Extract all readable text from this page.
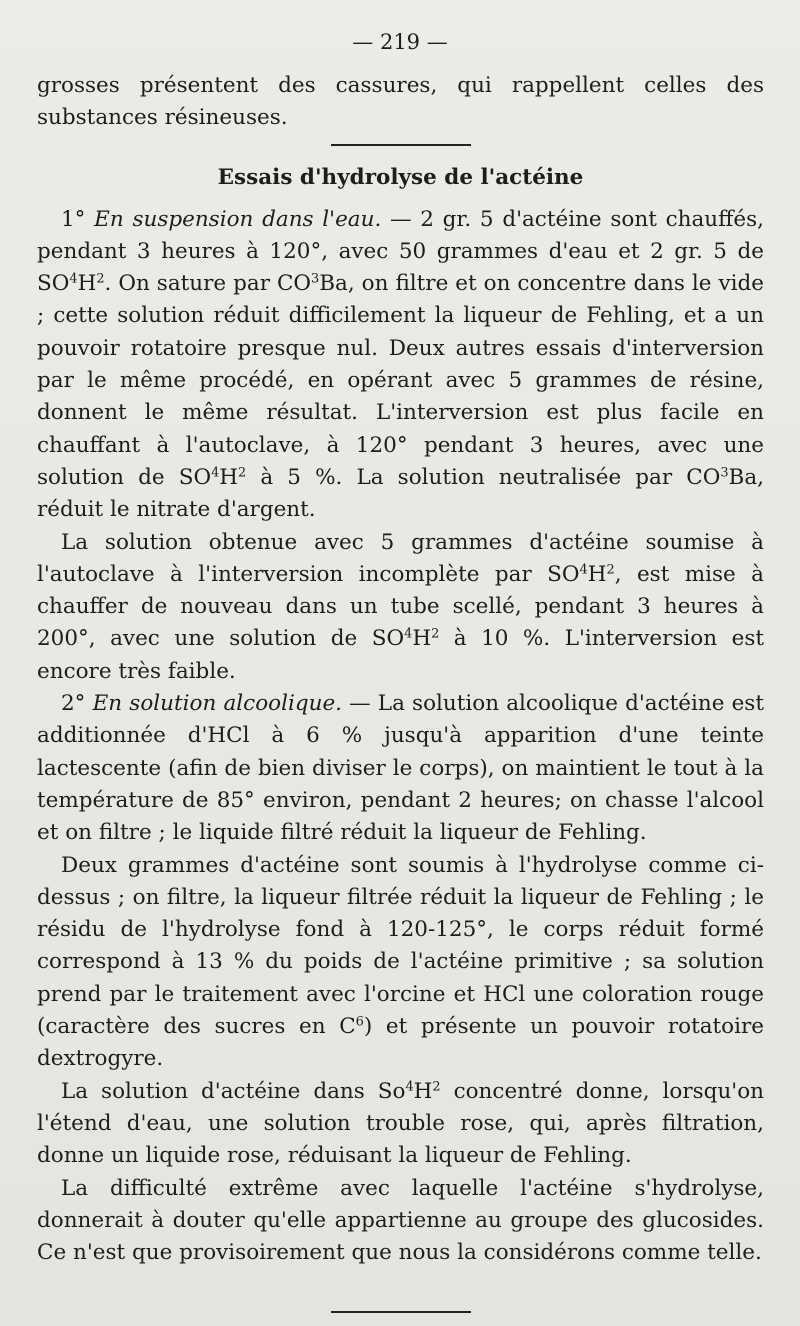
— 219 —

grosses présentent des cassures, qui rappellent celles des substances résineuses.

Essais d'hydrolyse de l'actéine

1° En suspension dans l'eau. — 2 gr. 5 d'actéine sont chauffés, pendant 3 heures à 120°, avec 50 grammes d'eau et 2 gr. 5 de $SO^4H^2$. On sature par $CO^3Ba$, on filtre et on concentre dans le vide ; cette solution réduit difficilement la liqueur de Fehling, et a un pouvoir rotatoire presque nul. Deux autres essais d'interversion par le même procédé, en opérant avec 5 grammes de résine, donnent le même résultat. L'interversion est plus facile en chauffant à l'autoclave, à 120° pendant 3 heures, avec une solution de $SO^4H^2$ à 5 %. La solution neutralisée par $CO^3Ba$, réduit le nitrate d'argent.

La solution obtenue avec 5 grammes d'actéine soumise à l'autoclave à l'interversion incomplète par $SO^4H^2$, est mise à chauffer de nouveau dans un tube scellé, pendant 3 heures à 200°, avec une solution de $SO^4H^2$ à 10 %. L'interversion est encore très faible.

2° En solution alcoolique. — La solution alcoolique d'actéine est additionnée d'HCl à 6 % jusqu'à apparition d'une teinte lactescente (afin de bien diviser le corps), on maintient le tout à la température de 85° environ, pendant 2 heures; on chasse l'alcool et on filtre ; le liquide filtré réduit la liqueur de Fehling.

Deux grammes d'actéine sont soumis à l'hydrolyse comme ci-dessus ; on filtre, la liqueur filtrée réduit la liqueur de Fehling ; le résidu de l'hydrolyse fond à 120-125°, le corps réduit formé correspond à 13 % du poids de l'actéine primitive ; sa solution prend par le traitement avec l'orcine et HCl une coloration rouge (caractère des sucres en $C^6$) et présente un pouvoir rotatoire dextrogyre.

La solution d'actéine dans $So^4H^2$ concentré donne, lorsqu'on l'étend d'eau, une solution trouble rose, qui, après filtration, donne un liquide rose, réduisant la liqueur de Fehling.

La difficulté extrême avec laquelle l'actéine s'hydrolyse, donnerait à douter qu'elle appartienne au groupe des glucosides. Ce n'est que provisoirement que nous la considérons comme telle.
